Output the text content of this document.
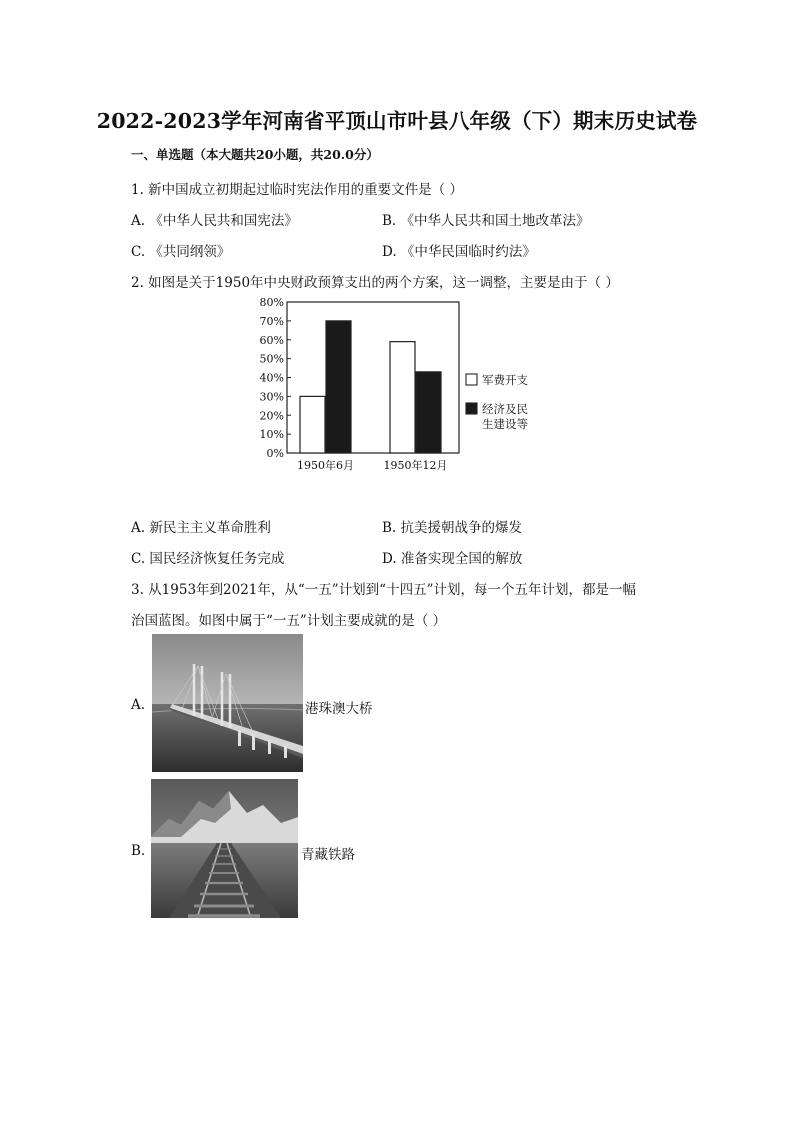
2022-2023学年河南省平顶山市叶县八年级（下）期末历史试卷
一、单选题（本大题共20小题，共20.0分）
1. 新中国成立初期起过临时宪法作用的重要文件是（ ）
A. 《中华人民共和国宪法》	B. 《中华人民共和国土地改革法》
C. 《共同纲领》	D. 《中华民国临时约法》
2. 如图是关于1950年中央财政预算支出的两个方案，这一调整，主要是由于（ ）
0%
10%
20%
30%
40%
50%
60%
70%
80%
1950年6月	1950年12月
军费开支
经济及民
生建设等
A. 新民主主义革命胜利	B. 抗美援朝战争的爆发
C. 国民经济恢复任务完成	D. 准备实现全国的解放
3. 从1953年到2021年，从“一五”计划到“十四五”计划，每一个五年计划，都是一幅
治国蓝图。如图中属于“一五”计划主要成就的是（ ）
A.	港珠澳大桥
B.	青藏铁路
